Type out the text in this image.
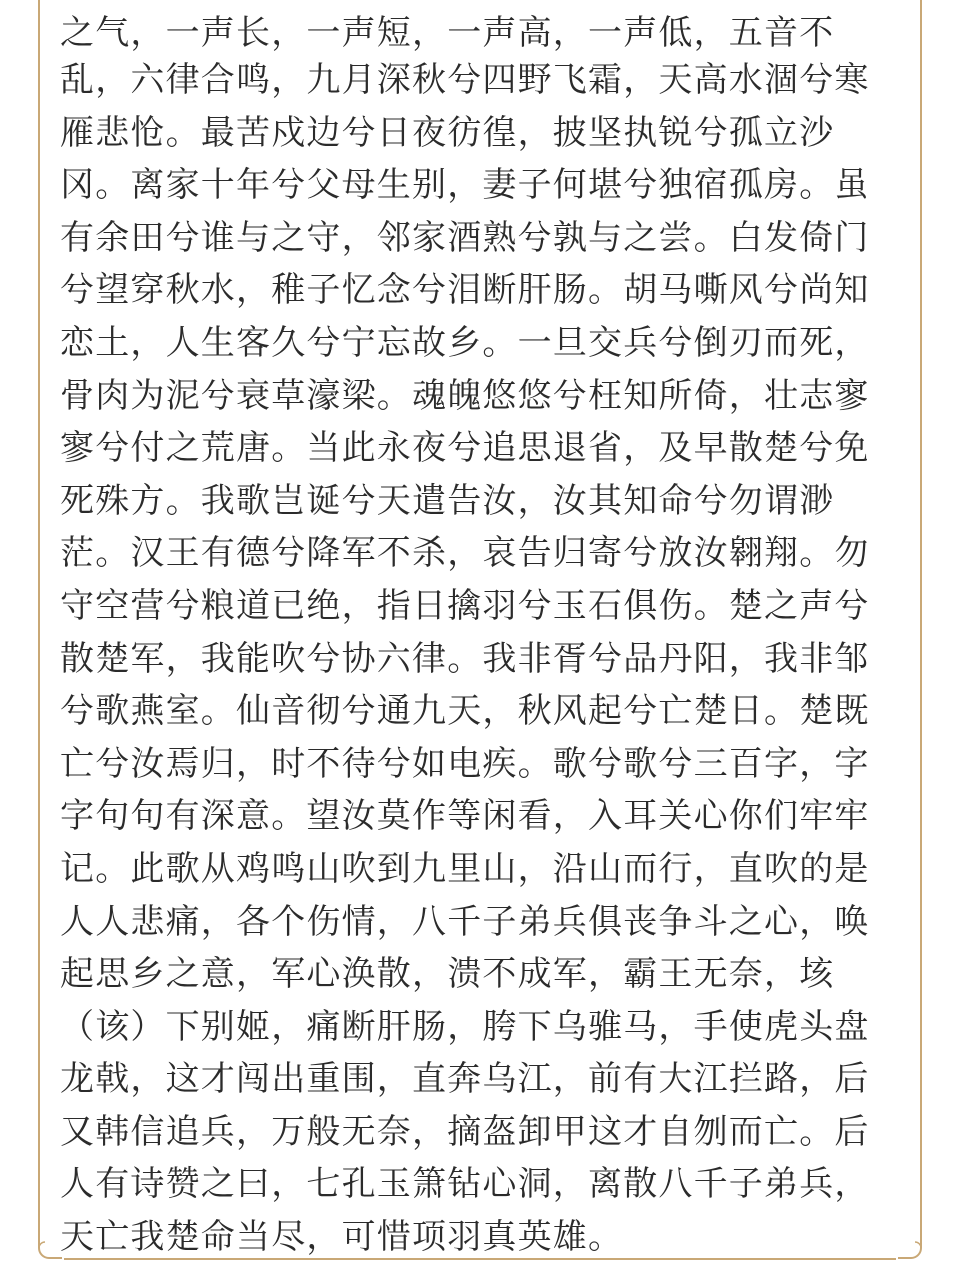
之气，一声长，一声短，一声高，一声低，五音不
乱，六律合鸣，九月深秋兮四野飞霜，天高水涸兮寒
雁悲怆。最苦戍边兮日夜彷徨，披坚执锐兮孤立沙
冈。离家十年兮父母生别，妻子何堪兮独宿孤房。虽
有余田兮谁与之守，邻家酒熟兮孰与之尝。白发倚门
兮望穿秋水，稚子忆念兮泪断肝肠。胡马嘶风兮尚知
恋土，人生客久兮宁忘故乡。一旦交兵兮倒刃而死，
骨肉为泥兮衰草濠梁。魂魄悠悠兮枉知所倚，壮志寥
寥兮付之荒唐。当此永夜兮追思退省，及早散楚兮免
死殊方。我歌岂诞兮天遣告汝，汝其知命兮勿谓渺
茫。汉王有德兮降军不杀，哀告归寄兮放汝翱翔。勿
守空营兮粮道已绝，指日擒羽兮玉石俱伤。楚之声兮
散楚军，我能吹兮协六律。我非胥兮品丹阳，我非邹
兮歌燕室。仙音彻兮通九天，秋风起兮亡楚日。楚既
亡兮汝焉归，时不待兮如电疾。歌兮歌兮三百字，字
字句句有深意。望汝莫作等闲看，入耳关心你们牢牢
记。此歌从鸡鸣山吹到九里山，沿山而行，直吹的是
人人悲痛，各个伤情，八千子弟兵俱丧争斗之心，唤
起思乡之意，军心涣散，溃不成军，霸王无奈，垓
（该）下别姬，痛断肝肠，胯下乌骓马，手使虎头盘
龙戟，这才闯出重围，直奔乌江，前有大江拦路，后
又韩信追兵，万般无奈，摘盔卸甲这才自刎而亡。后
人有诗赞之曰，七孔玉箫钻心洞，离散八千子弟兵，
天亡我楚命当尽，可惜项羽真英雄。
